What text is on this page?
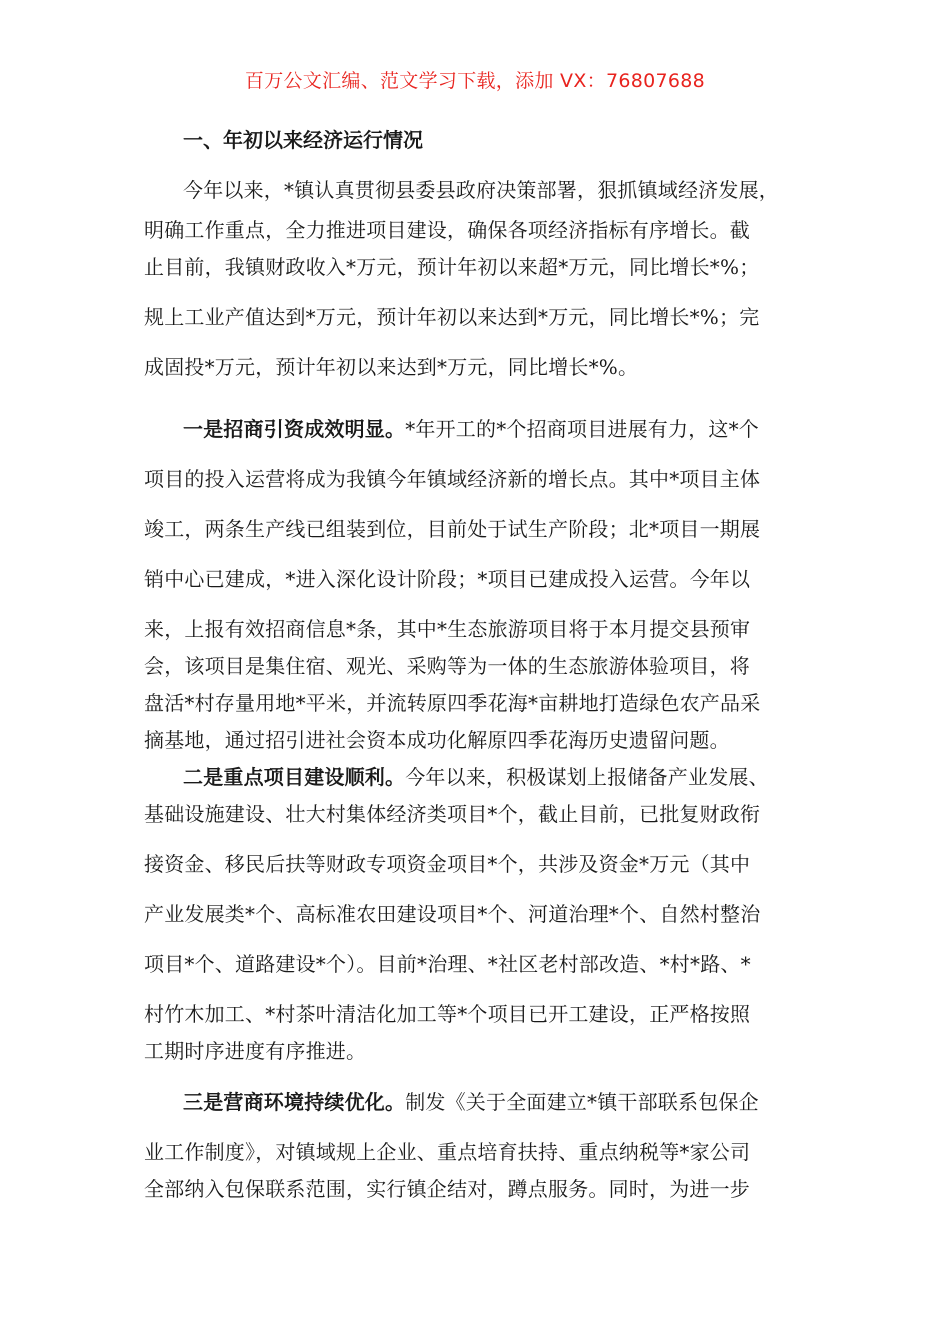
百万公文汇编、范文学习下载，添加 VX：76807688
一、年初以来经济运行情况
今年以来，*镇认真贯彻县委县政府决策部署，狠抓镇域经济发展，
明确工作重点，全力推进项目建设，确保各项经济指标有序增长。截
止目前，我镇财政收入*万元，预计年初以来超*万元，同比增长*%；
规上工业产值达到*万元，预计年初以来达到*万元，同比增长*%；完
成固投*万元，预计年初以来达到*万元，同比增长*%。
一是招商引资成效明显。*年开工的*个招商项目进展有力，这*个
项目的投入运营将成为我镇今年镇域经济新的增长点。其中*项目主体
竣工，两条生产线已组装到位，目前处于试生产阶段；北*项目一期展
销中心已建成，*进入深化设计阶段；*项目已建成投入运营。今年以
来，上报有效招商信息*条，其中*生态旅游项目将于本月提交县预审
会，该项目是集住宿、观光、采购等为一体的生态旅游体验项目，将
盘活*村存量用地*平米，并流转原四季花海*亩耕地打造绿色农产品采
摘基地，通过招引进社会资本成功化解原四季花海历史遗留问题。
二是重点项目建设顺利。今年以来，积极谋划上报储备产业发展、
基础设施建设、壮大村集体经济类项目*个，截止目前，已批复财政衔
接资金、移民后扶等财政专项资金项目*个，共涉及资金*万元（其中
产业发展类*个、高标准农田建设项目*个、河道治理*个、自然村整治
项目*个、道路建设*个）。目前*治理、*社区老村部改造、*村*路、*
村竹木加工、*村茶叶清洁化加工等*个项目已开工建设，正严格按照
工期时序进度有序推进。
三是营商环境持续优化。制发《关于全面建立*镇干部联系包保企
业工作制度》，对镇域规上企业、重点培育扶持、重点纳税等*家公司
全部纳入包保联系范围，实行镇企结对，蹲点服务。同时，为进一步
